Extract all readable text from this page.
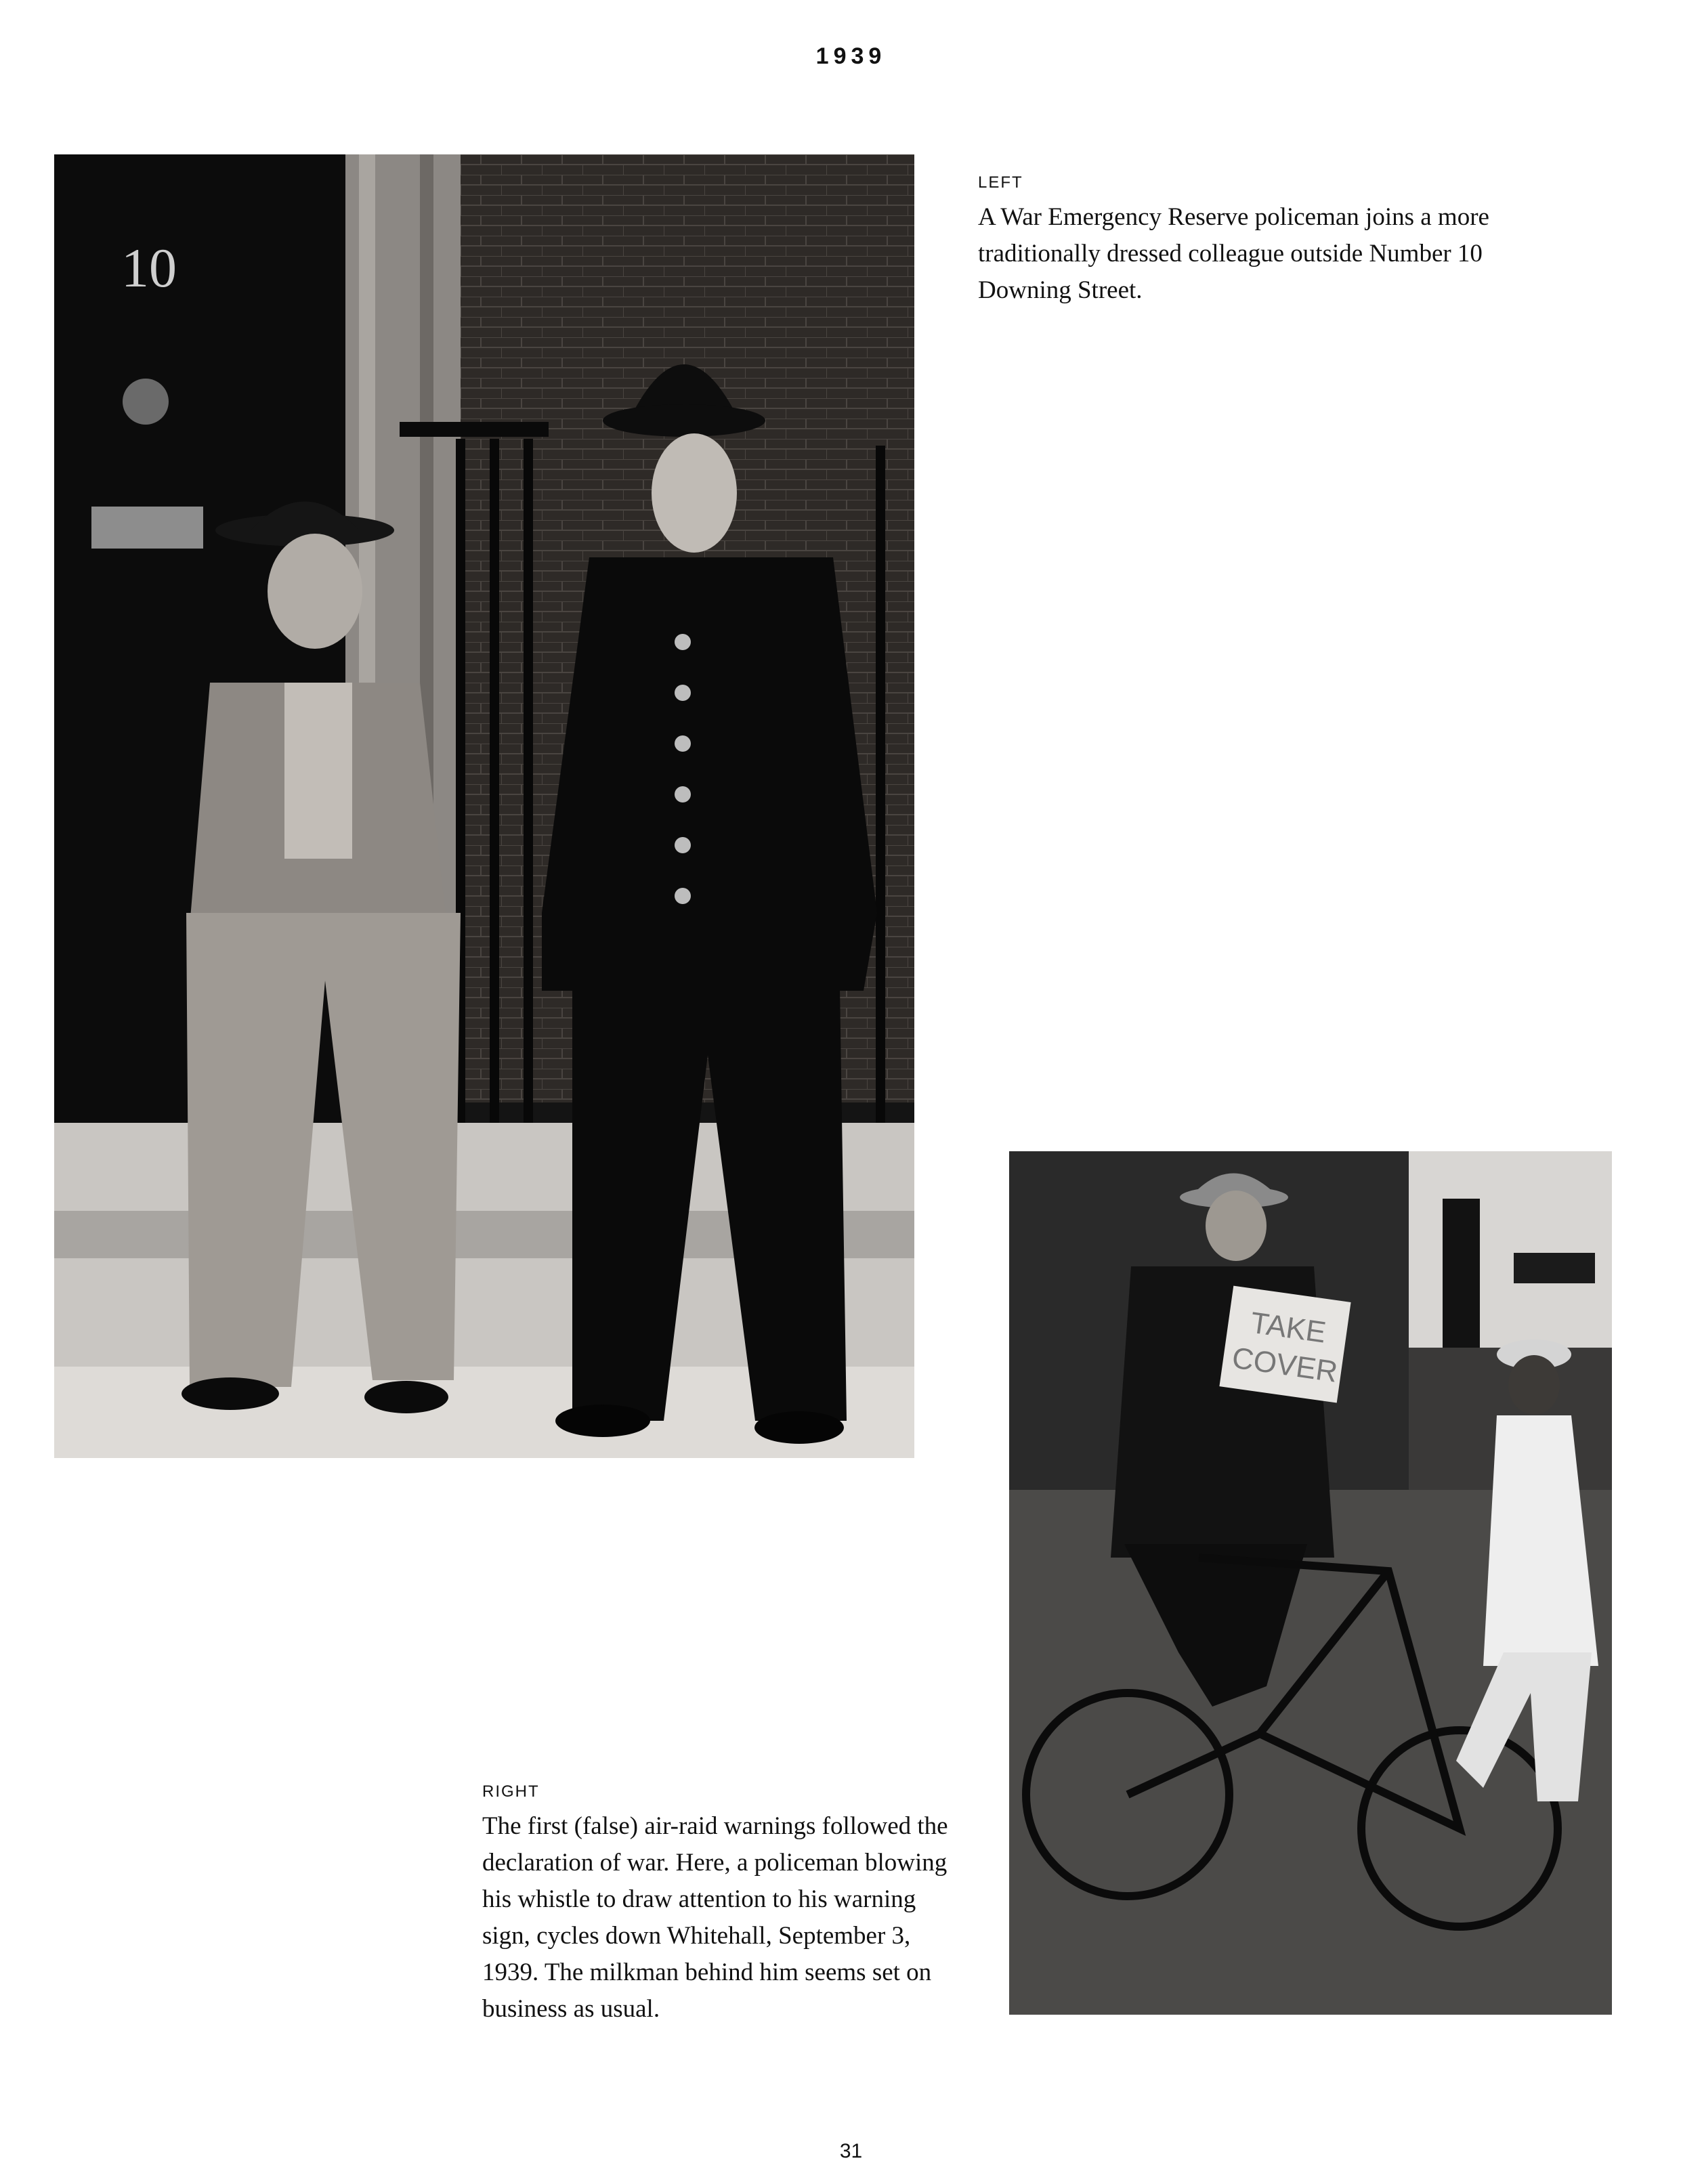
1939
10
LEFT
A War Emergency Reserve policeman joins a more traditionally dressed colleague outside Number 10 Downing Street.
TAKE
COVER
RIGHT
The first (false) air-raid warnings followed the declaration of war. Here, a policeman blowing his whistle to draw attention to his warning sign, cycles down Whitehall, September 3, 1939. The milkman behind him seems set on business as usual.
31
